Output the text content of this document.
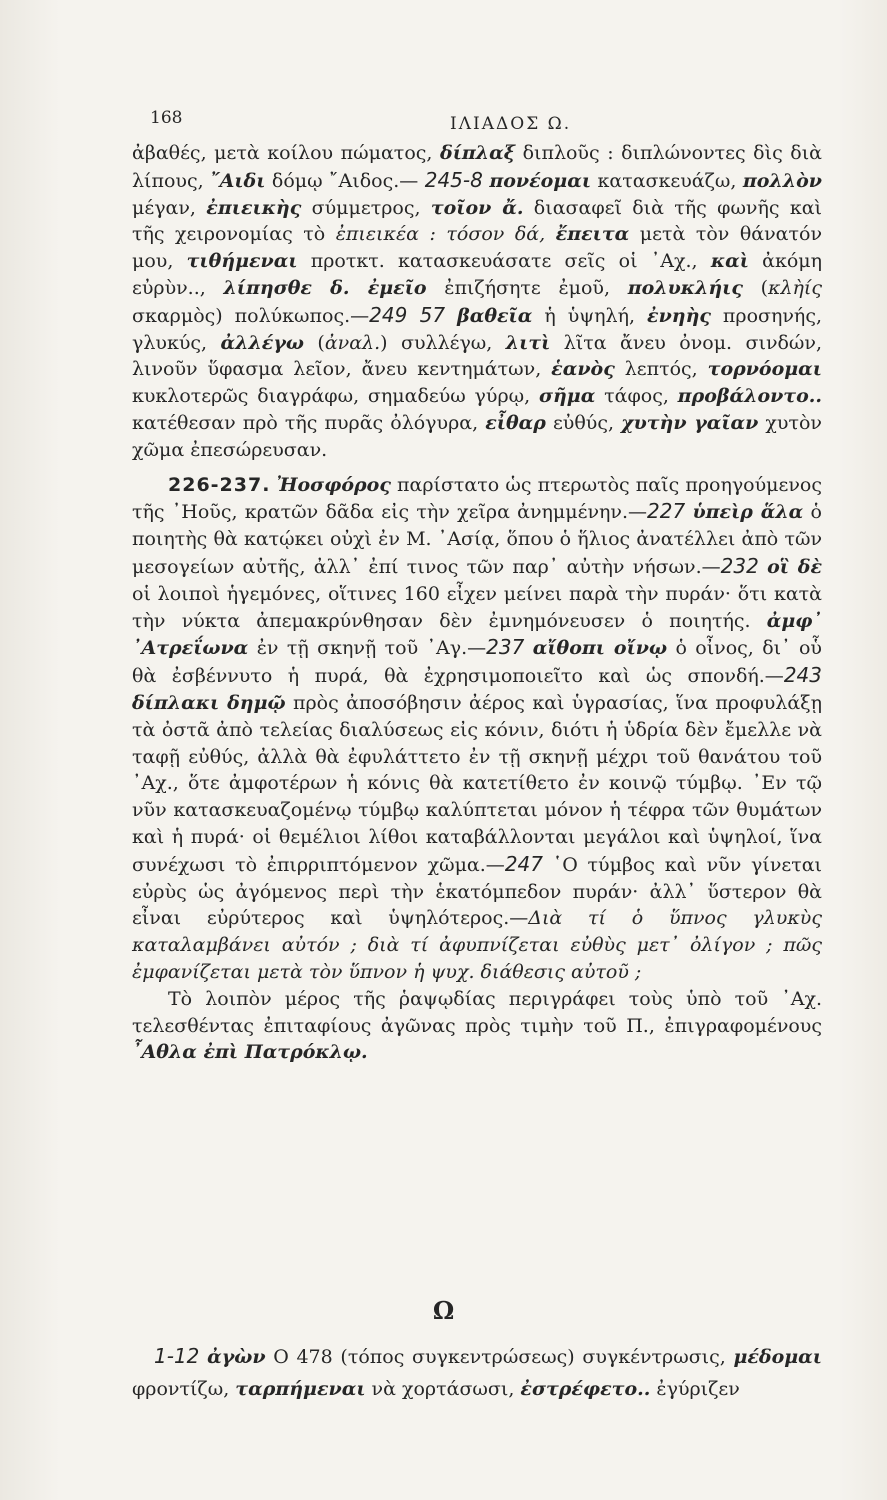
168	ΙΛΙΑΔΟΣ Ω.

ἀβαθές, μετὰ κοίλου πώματος, δίπλαξ διπλοῦς : διπλώνοντες δὶς διὰ λίπους, ῎Αιδι δόμῳ ῎Αιδος.— 245-8 πονέομαι κατασκευάζω, πολλὸν μέγαν, ἐπιεικὴς σύμμετρος, τοῖον ἄ. διασαφεῖ διὰ τῆς φωνῆς καὶ τῆς χειρονομίας τὸ ἐπιεικέα : τόσον δά, ἔπειτα μετὰ τὸν θάνατόν μου, τιθήμεναι προτκτ. κατασκευάσατε σεῖς οἱ ᾿Αχ., καὶ ἀκόμη εὐρὺν.., λίπησθε δ. ἐμεῖο ἐπιζήσητε ἐμοῦ, πολυκλήις (κλὴίς σκαρμὸς) πολύκωπος.—249 57 βαθεῖα ἡ ὑψηλή, ἐνηὴς προσηνής, γλυκύς, ἀλλέγω (ἀναλ.) συλλέγω, λιτὶ λῖτα ἄνευ ὀνομ. σινδών, λινοῦν ὕφασμα λεῖον, ἄνευ κεντημάτων, ἑανὸς λεπτός, τορνόομαι κυκλοτερῶς διαγράφω, σημαδεύω γύρῳ, σῆμα τάφος, προβάλοντο.. κατέθεσαν πρὸ τῆς πυρᾶς ὀλόγυρα, εἶθαρ εὐθύς, χυτὴν γαῖαν χυτὸν χῶμα ἐπεσώρευσαν.

226-237. Ἠοσφόρος παρίστατο ὡς πτερωτὸς παῖς προηγούμενος τῆς ᾿Ηοῦς, κρατῶν δᾶδα εἰς τὴν χεῖρα ἀνημμένην.—227 ὑπεὶρ ἅλα ὁ ποιητὴς θὰ κατῴκει οὐχὶ ἐν Μ. ᾿Ασίᾳ, ὅπου ὁ ἥλιος ἀνατέλλει ἀπὸ τῶν μεσογείων αὐτῆς, ἀλλ᾿ ἐπί τινος τῶν παρ᾿ αὐτὴν νήσων.—232 οἳ δὲ οἱ λοιποὶ ἡγεμόνες, οἵτινες 160 εἶχεν μείνει παρὰ τὴν πυράν· ὅτι κατὰ τὴν νύκτα ἀπεμακρύνθησαν δὲν ἐμνημόνευσεν ὁ ποιητής. ἀμφ᾿ ᾿Ατρεΐωνα ἐν τῇ σκηνῇ τοῦ ᾿Αγ.—237 αἴθοπι οἴνῳ ὁ οἶνος, δι᾿ οὗ θὰ ἐσβέννυτο ἡ πυρά, θὰ ἐχρησιμοποιεῖτο καὶ ὡς σπονδή.—243 δίπλακι δημῷ πρὸς ἀποσόβησιν ἀέρος καὶ ὑγρασίας, ἵνα προφυλάξῃ τὰ ὀστᾶ ἀπὸ τελείας διαλύσεως εἰς κόνιν, διότι ἡ ὑδρία δὲν ἔμελλε νὰ ταφῇ εὐθύς, ἀλλὰ θὰ ἐφυλάττετο ἐν τῇ σκηνῇ μέχρι τοῦ θανάτου τοῦ ᾿Αχ., ὅτε ἀμφοτέρων ἡ κόνις θὰ κατετίθετο ἐν κοινῷ τύμβῳ. ᾿Εν τῷ νῦν κατασκευαζομένῳ τύμβῳ καλύπτεται μόνον ἡ τέφρα τῶν θυμάτων καὶ ἡ πυρά· οἱ θεμέλιοι λίθοι καταβάλλονται μεγάλοι καὶ ὑψηλοί, ἵνα συνέχωσι τὸ ἐπιρριπτόμενον χῶμα.—247 ῾Ο τύμβος καὶ νῦν γίνεται εὐρὺς ὡς ἀγόμενος περὶ τὴν ἑκατόμπεδον πυράν· ἀλλ᾿ ὕστερον θὰ εἶναι εὐρύτερος καὶ ὑψηλότερος.—Διὰ τί ὁ ὕπνος γλυκὺς καταλαμβάνει αὐτόν ; διὰ τί ἀφυπνίζεται εὐθὺς μετ᾿ ὀλίγον ; πῶς ἐμφανίζεται μετὰ τὸν ὕπνον ἡ ψυχ. διάθεσις αὐτοῦ ;

Τὸ λοιπὸν μέρος τῆς ῥαψῳδίας περιγράφει τοὺς ὑπὸ τοῦ ᾿Αχ. τελεσθέντας ἐπιταφίους ἀγῶνας πρὸς τιμὴν τοῦ Π., ἐπιγραφομένους ῏Αθλα ἐπὶ Πατρόκλῳ.

Ω

1-12 ἀγὼν Ο 478 (τόπος συγκεντρώσεως) συγκέντρωσις, μέδομαι φροντίζω, ταρπήμεναι νὰ χορτάσωσι, ἐστρέφετο.. ἐγύριζεν
